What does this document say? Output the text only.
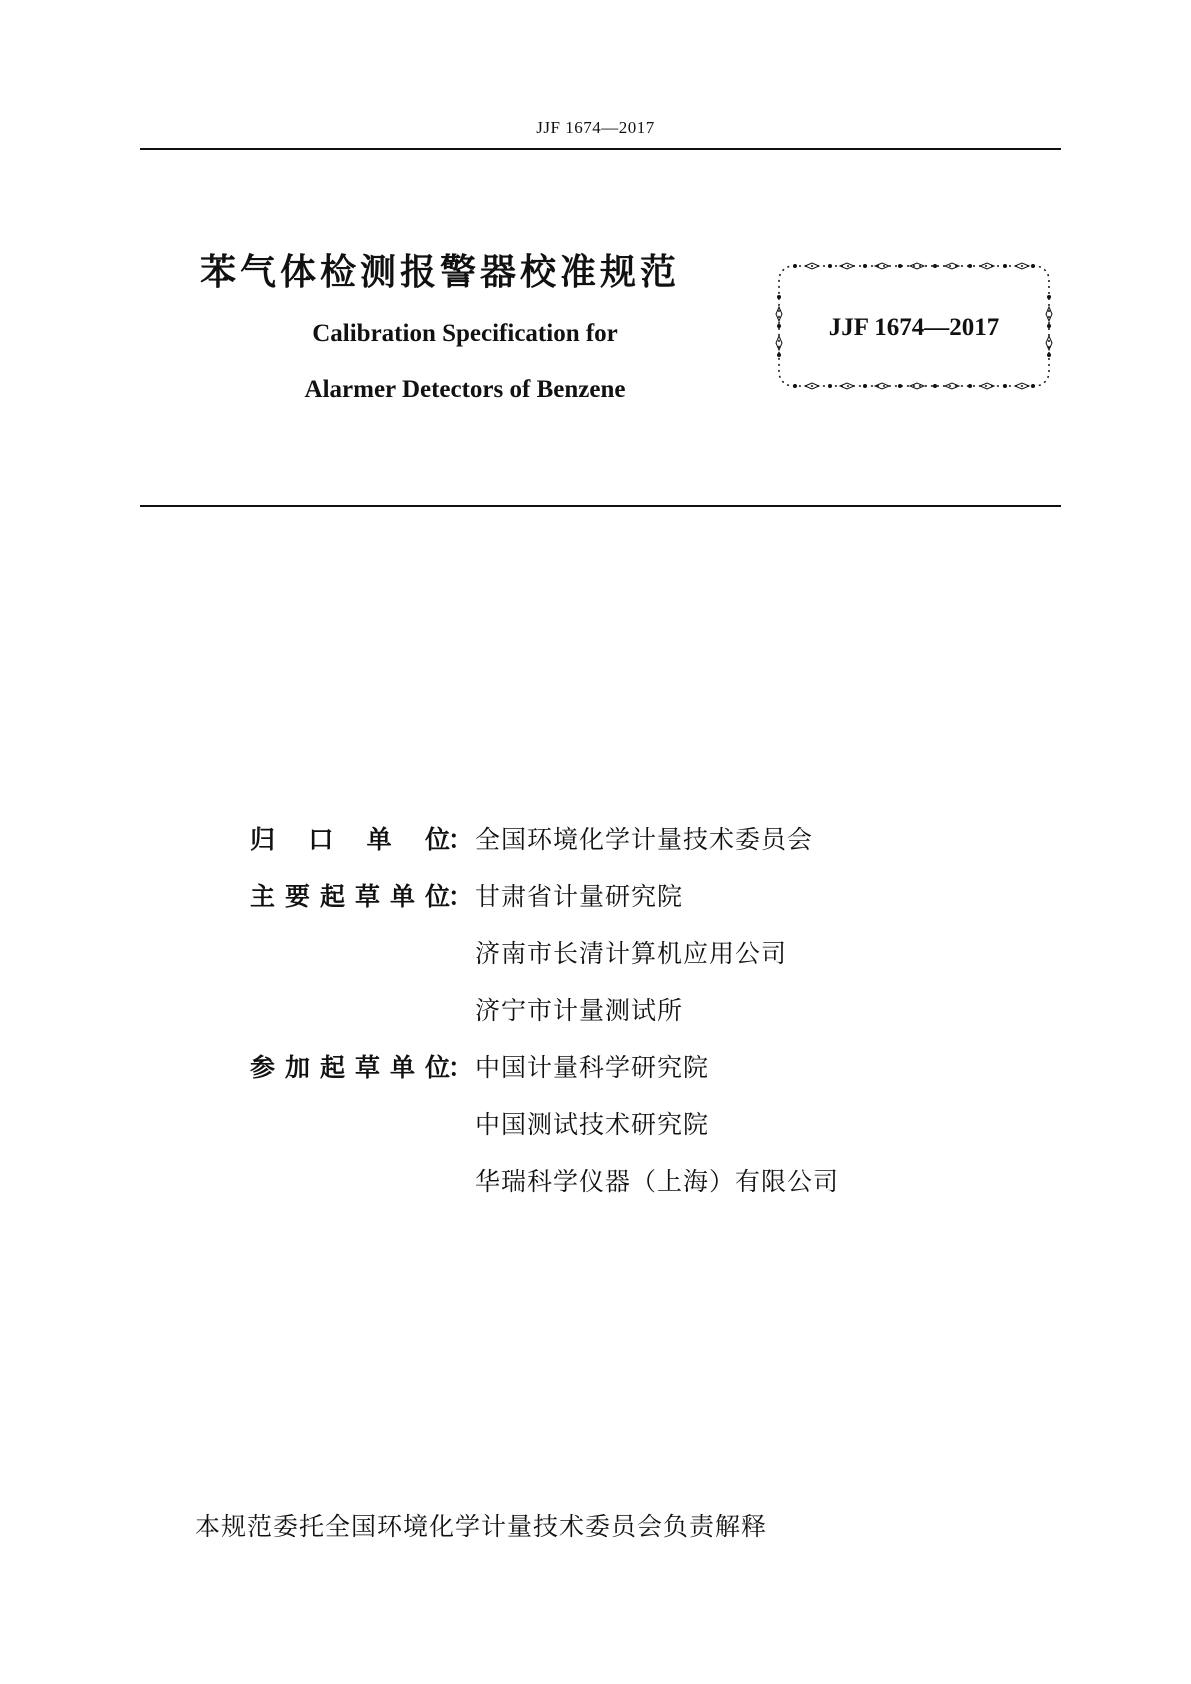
JJF 1674—2017
苯气体检测报警器校准规范
Calibration Specification for
Alarmer Detectors of Benzene
JJF 1674—2017
归口单位
： 全国环境化学计量技术委员会
主要起草单位
： 甘肃省计量研究院
济南市长清计算机应用公司
济宁市计量测试所
参加起草单位
： 中国计量科学研究院
中国测试技术研究院
华瑞科学仪器（上海）有限公司
本规范委托全国环境化学计量技术委员会负责解释
